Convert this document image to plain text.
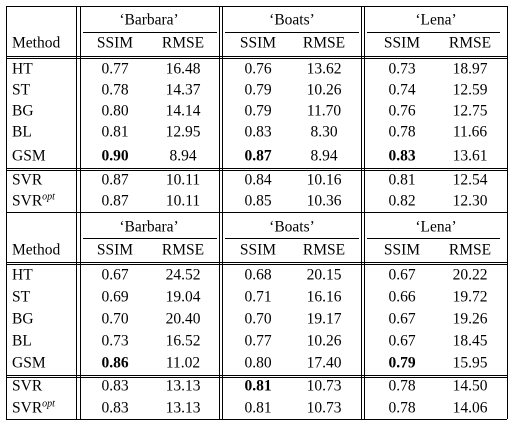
‘Barbara’	‘Boats’	‘Lena’
Method SSIM RMSE SSIM RMSE	SSIM RMSE
HT	0.77 16.48	0.76 13.62	0.73 18.97
ST	0.78 14.37	0.79 10.26	0.74 12.59
BG	0.80 14.14	0.79 11.70	0.76 12.75
BL	0.81 12.95	0.83	8.30	0.78 11.66
GSM	0.90	8.94	0.87	8.94	0.83 13.61
SVR	0.87 10.11	0.84 10.16	0.81 12.54
$SVR^{opt}$	0.87 10.11	0.85 10.36	0.82 12.30
‘Barbara’	‘Boats’	‘Lena’
Method SSIM RMSE SSIM RMSE	SSIM RMSE
HT	0.67 24.52	0.68 20.15	0.67 20.22
ST	0.69 19.04	0.71 16.16	0.66 19.72
BG	0.70 20.40	0.70 19.17	0.67 19.26
BL	0.73 16.52	0.77 10.26	0.67 18.45
GSM	0.86 11.02	0.80 17.40	0.79 15.95
SVR	0.83 13.13	0.81 10.73	0.78 14.50
$SVR^{opt}$	0.83 13.13	0.81 10.73	0.78 14.06
